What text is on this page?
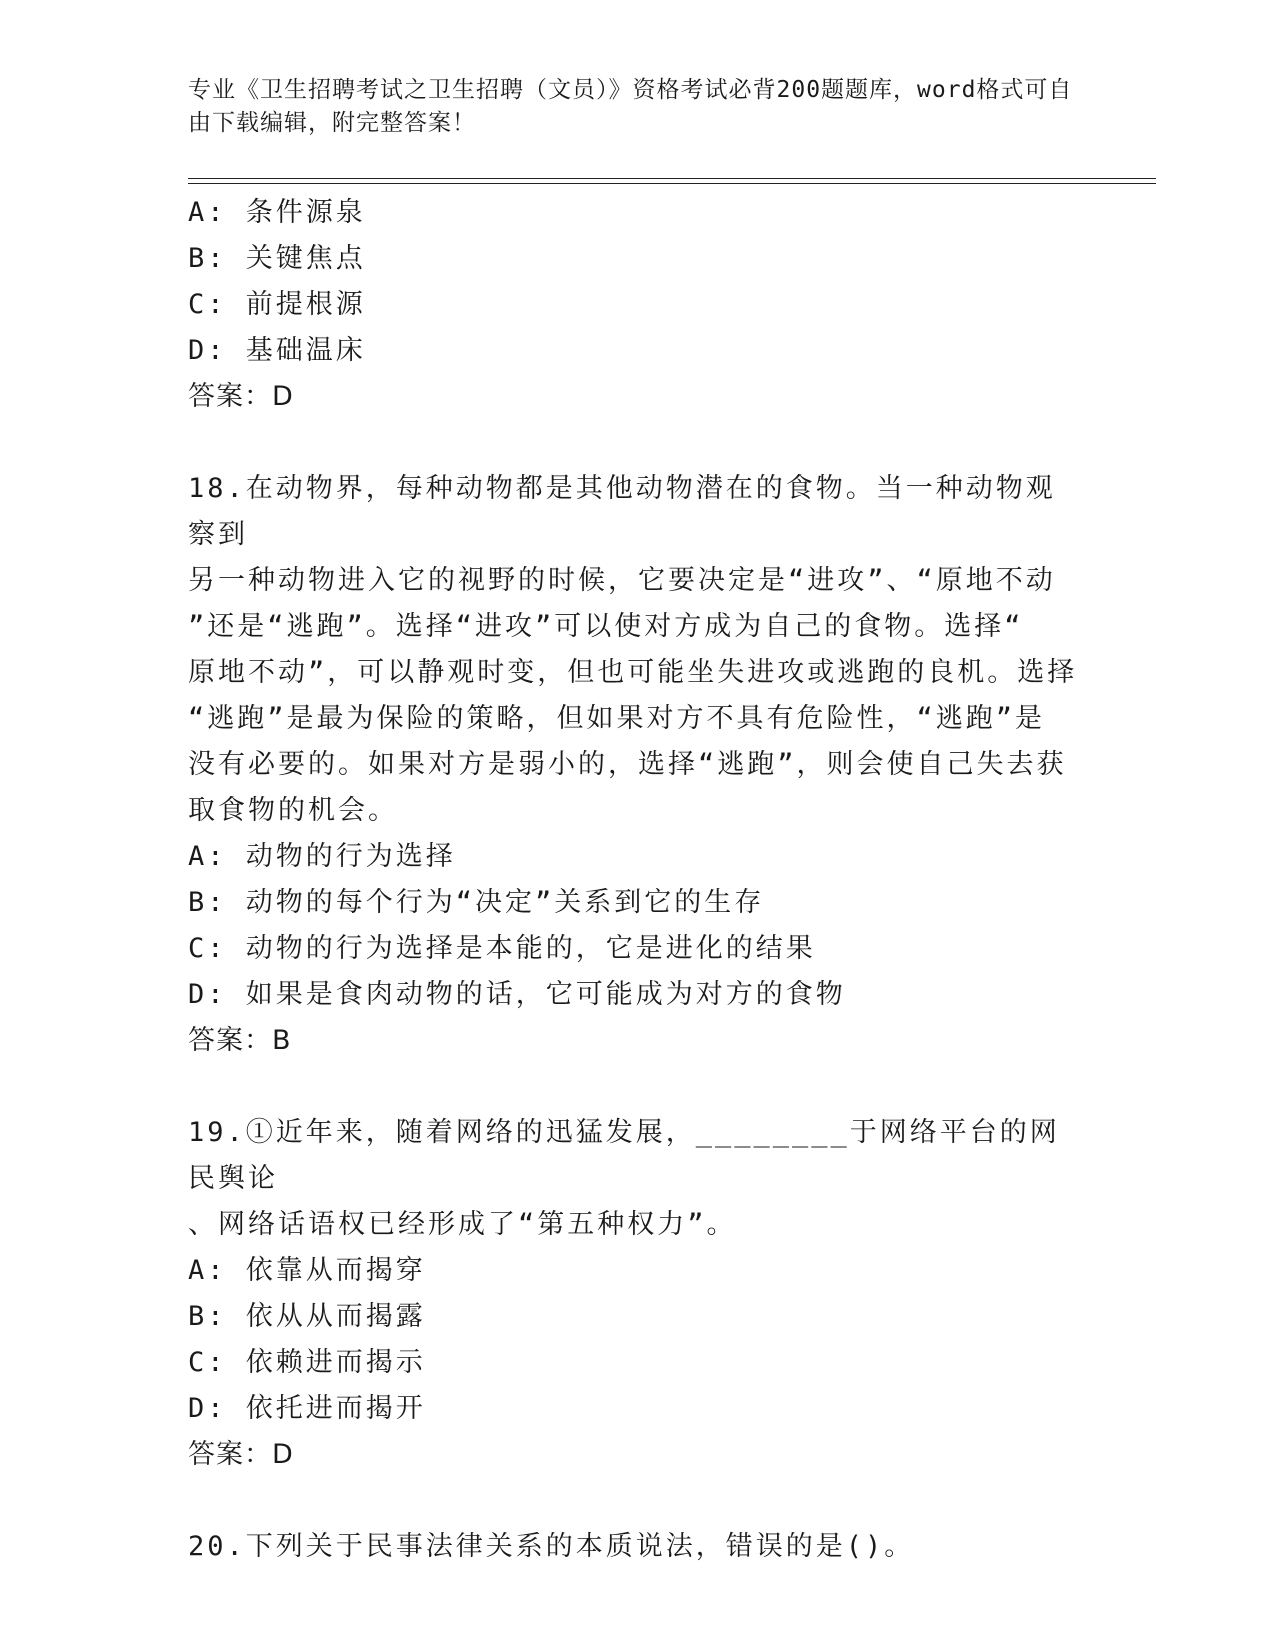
专业《卫生招聘考试之卫生招聘（文员）》资格考试必背200题题库，word格式可自由下载编辑，附完整答案！

A: 条件源泉

B: 关键焦点

C: 前提根源

D: 基础温床

答案：D

18.在动物界，每种动物都是其他动物潜在的食物。当一种动物观察到

另一种动物进入它的视野的时候，它要决定是“进攻”、“原地不动

”还是“逃跑”。选择“进攻”可以使对方成为自己的食物。选择“

原地不动”，可以静观时变，但也可能坐失进攻或逃跑的良机。选择

“逃跑”是最为保险的策略，但如果对方不具有危险性，“逃跑”是

没有必要的。如果对方是弱小的，选择“逃跑”，则会使自己失去获

取食物的机会。

A: 动物的行为选择

B: 动物的每个行为“决定”关系到它的生存

C: 动物的行为选择是本能的，它是进化的结果

D: 如果是食肉动物的话，它可能成为对方的食物

答案：B

19.①近年来，随着网络的迅猛发展，________于网络平台的网民舆论

、网络话语权已经形成了“第五种权力”。

A: 依靠从而揭穿

B: 依从从而揭露

C: 依赖进而揭示

D: 依托进而揭开

答案：D

20.下列关于民事法律关系的本质说法，错误的是()。
